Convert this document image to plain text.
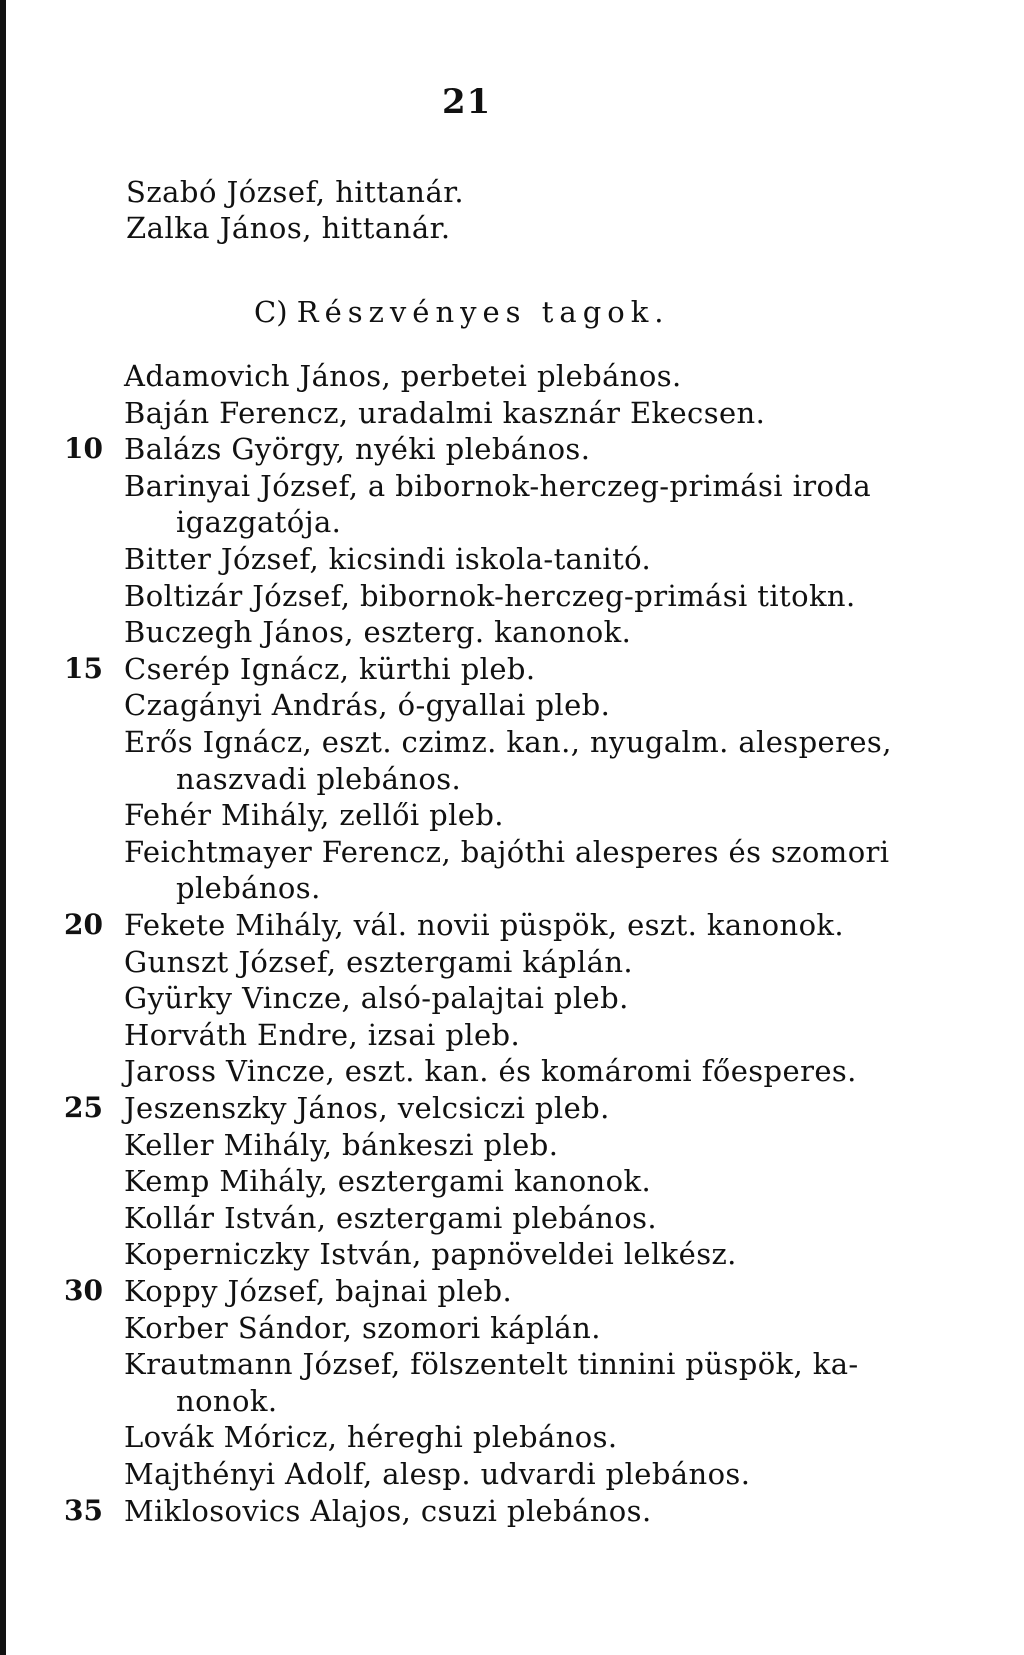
21
Szabó József, hittanár.
Zalka János, hittanár.
C) Részvényes tagok.
Adamovich János, perbetei plebános.
Baján Ferencz, uradalmi kasznár Ekecsen.
10 Balázs György, nyéki plebános.
Barinyai József, a bibornok-herczeg-primási iroda
igazgatója.
Bitter József, kicsindi iskola-tanitó.
Boltizár József, bibornok-herczeg-primási titokn.
Buczegh János, eszterg. kanonok.
15 Cserép Ignácz, kürthi pleb.
Czagányi András, ó-gyallai pleb.
Erős Ignácz, eszt. czimz. kan., nyugalm. alesperes,
naszvadi plebános.
Fehér Mihály, zellői pleb.
Feichtmayer Ferencz, bajóthi alesperes és szomori
plebános.
20 Fekete Mihály, vál. novii püspök, eszt. kanonok.
Gunszt József, esztergami káplán.
Gyürky Vincze, alsó-palajtai pleb.
Horváth Endre, izsai pleb.
Jaross Vincze, eszt. kan. és komáromi főesperes.
25 Jeszenszky János, velcsiczi pleb.
Keller Mihály, bánkeszi pleb.
Kemp Mihály, esztergami kanonok.
Kollár István, esztergami plebános.
Koperniczky István, papnöveldei lelkész.
30 Koppy József, bajnai pleb.
Korber Sándor, szomori káplán.
Krautmann József, fölszentelt tinnini püspök, ka-
nonok.
Lovák Móricz, héreghi plebános.
Majthényi Adolf, alesp. udvardi plebános.
35 Miklosovics Alajos, csuzi plebános.
